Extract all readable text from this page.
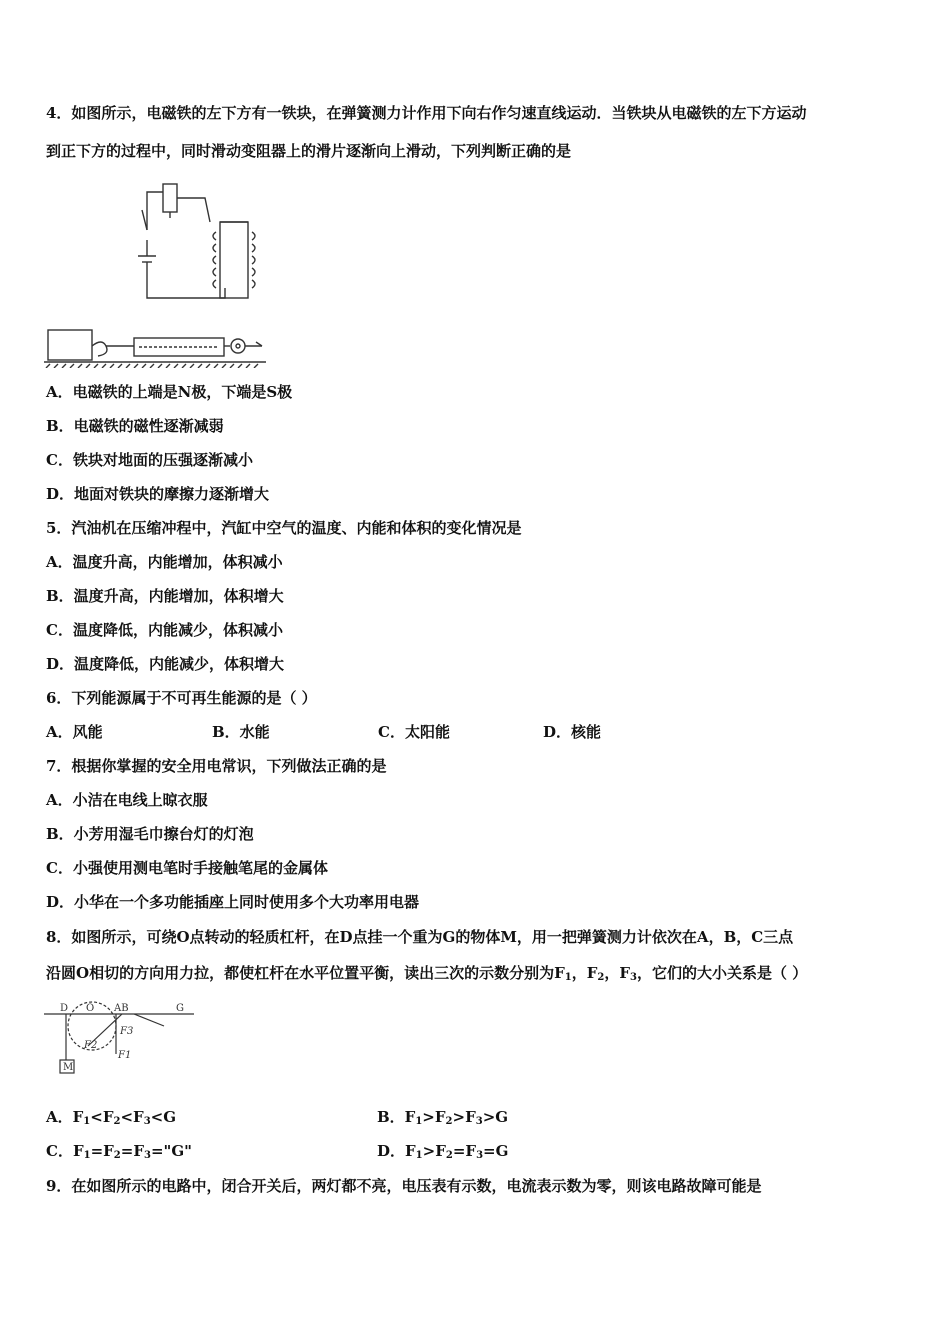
4．如图所示，电磁铁的左下方有一铁块，在弹簧测力计作用下向右作匀速直线运动．当铁块从电磁铁的左下方运动
到正下方的过程中，同时滑动变阻器上的滑片逐渐向上滑动，下列判断正确的是
A．电磁铁的上端是N极，下端是S极
B．电磁铁的磁性逐渐减弱
C．铁块对地面的压强逐渐减小
D．地面对铁块的摩擦力逐渐增大
5．汽油机在压缩冲程中，汽缸中空气的温度、内能和体积的变化情况是
A．温度升高，内能增加，体积减小
B．温度升高，内能增加，体积增大
C．温度降低，内能减少，体积减小
D．温度降低，内能减少，体积增大
6．下列能源属于不可再生能源的是（ ）
A．风能	B．水能	C．太阳能	D．核能
7．根据你掌握的安全用电常识，下列做法正确的是
A．小洁在电线上晾衣服
B．小芳用湿毛巾擦台灯的灯泡
C．小强使用测电笔时手接触笔尾的金属体
D．小华在一个多功能插座上同时使用多个大功率用电器
8．如图所示，可绕O点转动的轻质杠杆，在D点挂一个重为G的物体M，用一把弹簧测力计依次在A，B，C三点
沿圆O相切的方向用力拉，都使杠杆在水平位置平衡，读出三次的示数分别为$F_1$，$F_2$，$F_3$，它们的大小关系是（ ）
D O AB	G
F3
F2
F1
M
A．$F_1<F_2<F_3<G$	B．$F_1>F_2>F_3>G$
C．$F_1=F_2=F_3="G$"	D．$F_1>F_2=F_3=G$
9．在如图所示的电路中，闭合开关后，两灯都不亮，电压表有示数，电流表示数为零，则该电路故障可能是
